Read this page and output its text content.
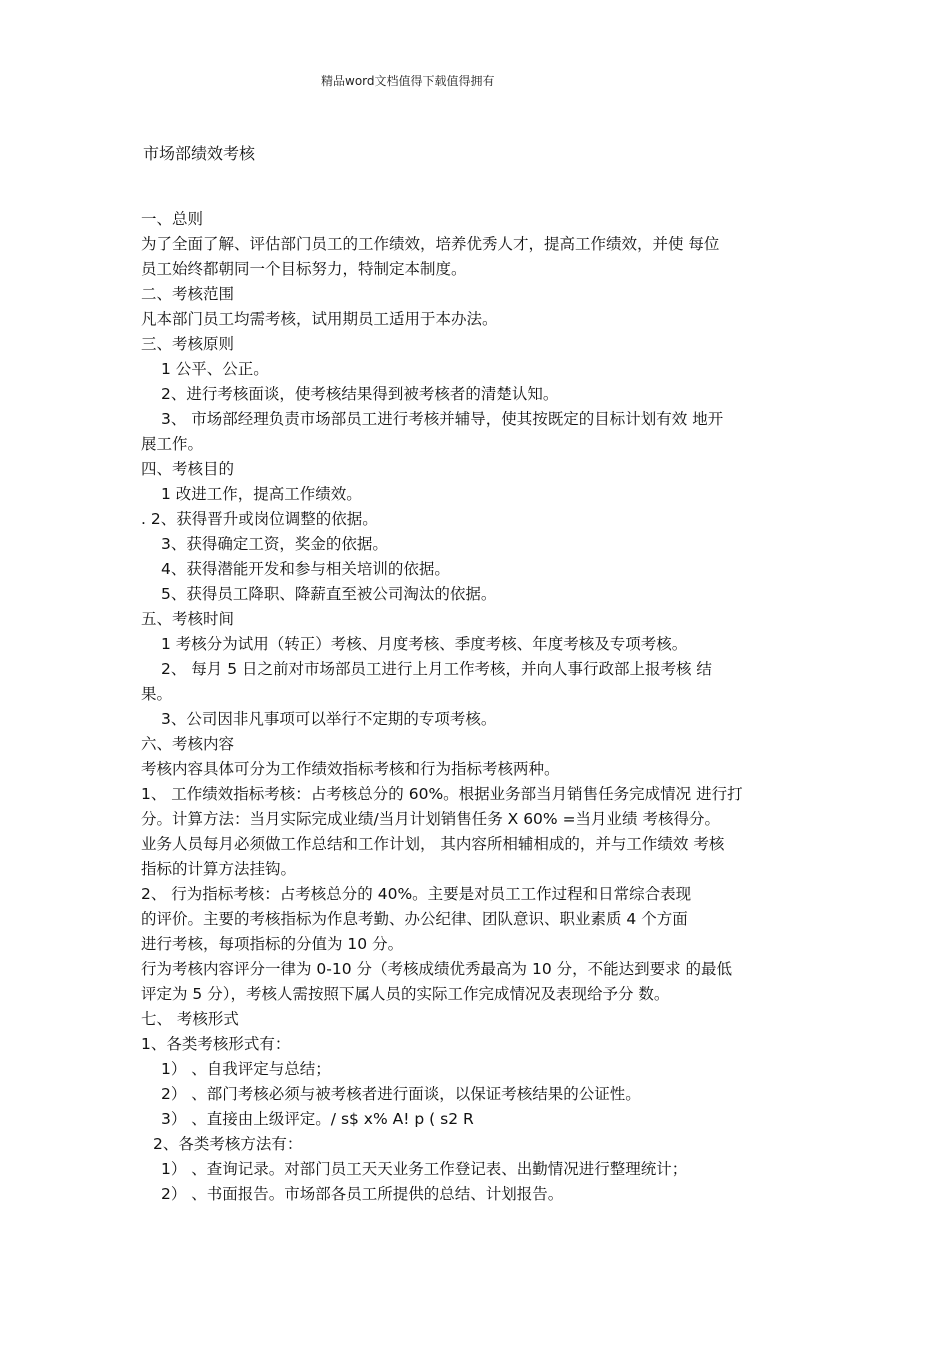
精品word文档值得下载值得拥有
市场部绩效考核
一、总则
为了全面了解、评估部门员工的工作绩效，培养优秀人才，提高工作绩效，并使 每位
员工始终都朝同一个目标努力，特制定本制度。
二、考核范围
凡本部门员工均需考核，试用期员工适用于本办法。
三、考核原则
1 公平、公正。
2、进行考核面谈，使考核结果得到被考核者的清楚认知。
3、 市场部经理负责市场部员工进行考核并辅导，使其按既定的目标计划有效 地开
展工作。
四、考核目的
1 改进工作，提高工作绩效。
. 2、获得晋升或岗位调整的依据。
3、获得确定工资，奖金的依据。
4、获得潜能开发和参与相关培训的依据。
5、获得员工降职、降薪直至被公司淘汰的依据。
五、考核时间
1 考核分为试用（转正）考核、月度考核、季度考核、年度考核及专项考核。
2、 每月 5 日之前对市场部员工进行上月工作考核，并向人事行政部上报考核 结
果。
3、公司因非凡事项可以举行不定期的专项考核。
六、考核内容
考核内容具体可分为工作绩效指标考核和行为指标考核两种。
1、 工作绩效指标考核：占考核总分的 60%。根据业务部当月销售任务完成情况 进行打
分。计算方法：当月实际完成业绩/当月计划销售任务 X 60% =当月业绩 考核得分。
业务人员每月必须做工作总结和工作计划， 其内容所相辅相成的，并与工作绩效 考核
指标的计算方法挂钩。
2、 行为指标考核：占考核总分的 40%。主要是对员工工作过程和日常综合表现
的评价。主要的考核指标为作息考勤、办公纪律、团队意识、职业素质 4 个方面
进行考核，每项指标的分值为 10 分。
行为考核内容评分一律为 0-10 分（考核成绩优秀最高为 10 分，不能达到要求 的最低
评定为 5 分），考核人需按照下属人员的实际工作完成情况及表现给予分 数。
七、 考核形式
1、各类考核形式有：
1） 、自我评定与总结；
2） 、部门考核必须与被考核者进行面谈，以保证考核结果的公证性。
3） 、直接由上级评定。/ s$ x% A! p ( s2 R
2、各类考核方法有：
1） 、查询记录。对部门员工天天业务工作登记表、出勤情况进行整理统计；
2） 、书面报告。市场部各员工所提供的总结、计划报告。
